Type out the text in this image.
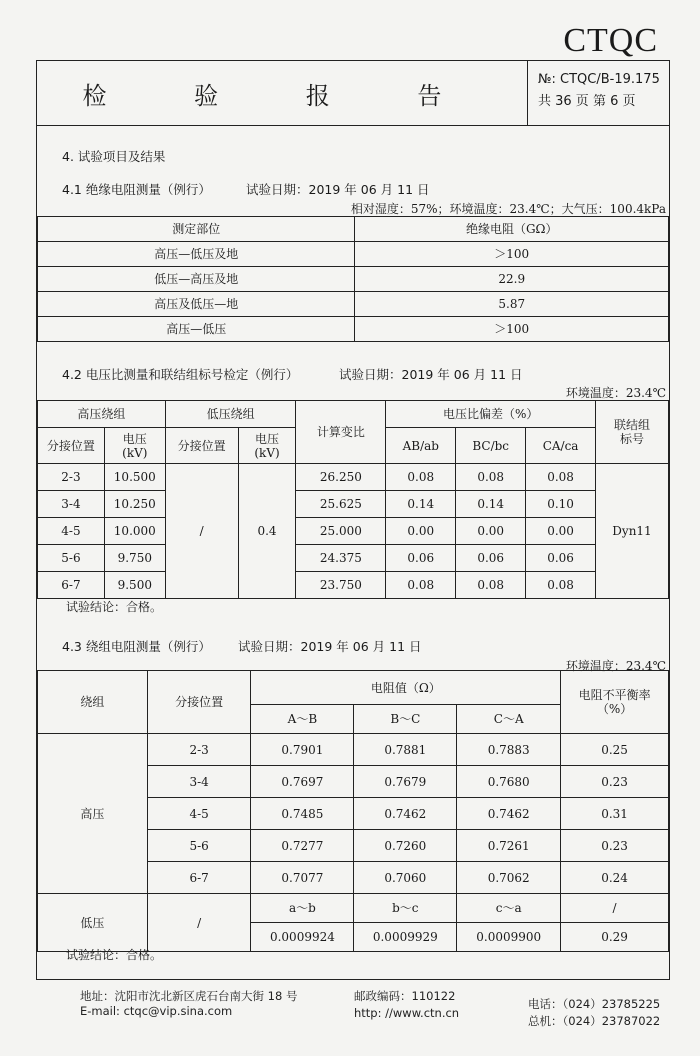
CTQC
检 验 报 告
№: CTQC/B-19.175
共 36 页 第 6 页
4. 试验项目及结果
4.1 绝缘电阻测量（例行）	试验日期：2019 年 06 月 11 日
相对湿度：57%；环境温度：23.4℃；大气压：100.4kPa
测定部位	绝缘电阻（GΩ）
高压—低压及地	＞100
低压—高压及地	22.9
高压及低压—地	5.87
高压—低压	＞100
4.2 电压比测量和联结组标号检定（例行）	试验日期：2019 年 06 月 11 日
环境温度：23.4℃
高压绕组		低压绕组		计算变比	电压比偏差（%）			联结组
标号
分接位置	电压
(kV)	分接位置	电压
(kV)		AB/ab	BC/bc	CA/ca	
2-3	10.500	/	0.4	26.250	0.08	0.08	0.08	Dyn11
3-4	10.250			25.625	0.14	0.14	0.10	
4-5	10.000			25.000	0.00	0.00	0.00	
5-6	9.750			24.375	0.06	0.06	0.06	
6-7	9.500			23.750	0.08	0.08	0.08	
试验结论：合格。
4.3 绕组电阻测量（例行） 试验日期：2019 年 06 月 11 日
环境温度：23.4℃
绕组	分接位置	电阻值（Ω）			电阻不平衡率
（%）
		A～B	B～C	C～A	
高压	2-3	0.7901	0.7881	0.7883	0.25
	3-4	0.7697	0.7679	0.7680	0.23
	4-5	0.7485	0.7462	0.7462	0.31
	5-6	0.7277	0.7260	0.7261	0.23
	6-7	0.7077	0.7060	0.7062	0.24
低压	/	a～b	b～c	c～a	/
		0.0009924	0.0009929	0.0009900	0.29
试验结论：合格。
地址：沈阳市沈北新区虎石台南大街 18 号
E-mail: ctqc@vip.sina.com
邮政编码：110122
http: //www.ctn.cn
电话：（024）23785225
总机：（024）23787022
